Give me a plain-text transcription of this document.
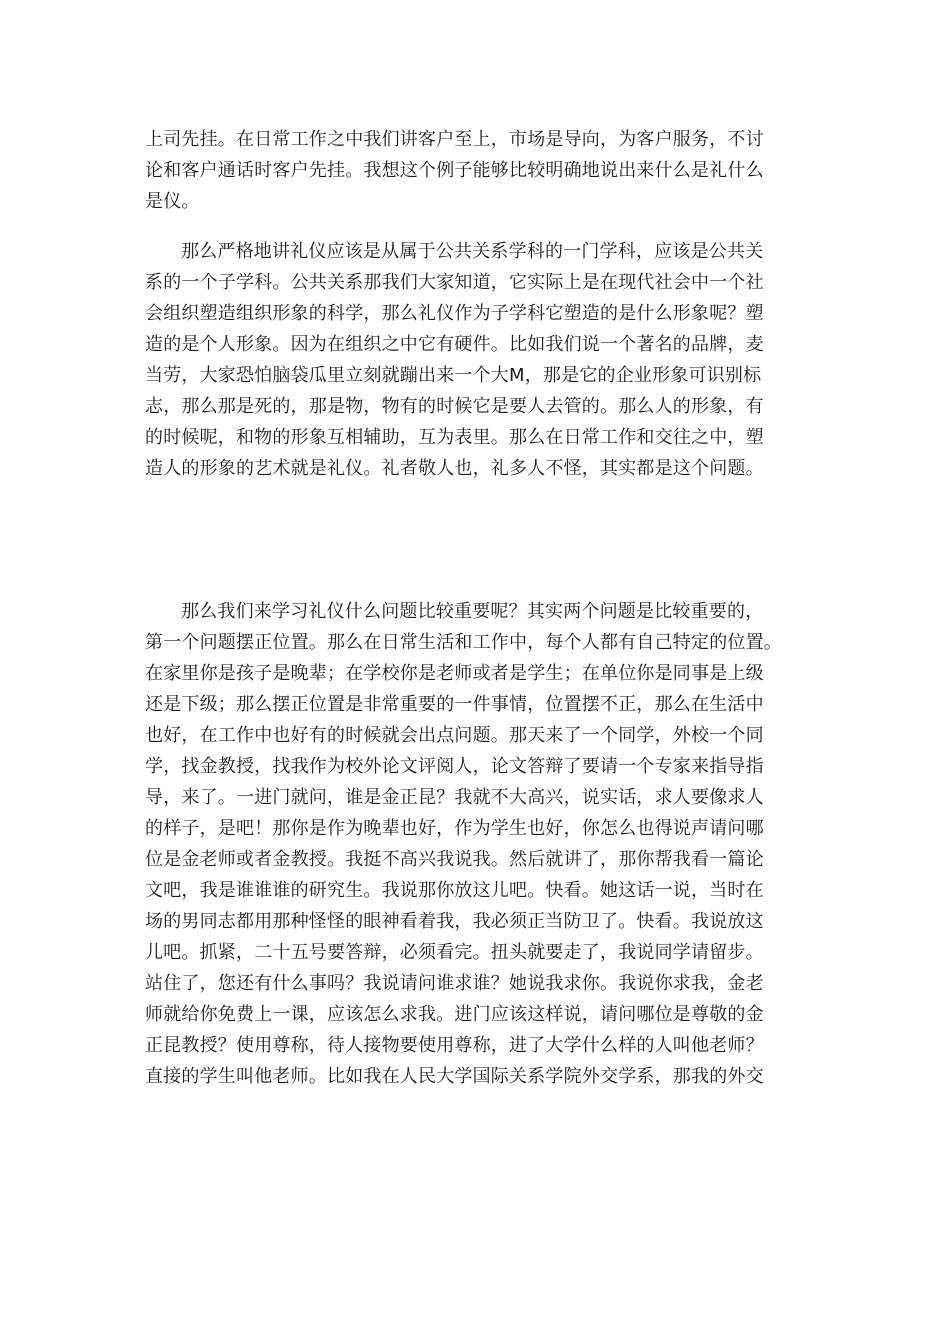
上司先挂。在日常工作之中我们讲客户至上，市场是导向，为客户服务，不讨
论和客户通话时客户先挂。我想这个例子能够比较明确地说出来什么是礼什么
是仪。
那么严格地讲礼仪应该是从属于公共关系学科的一门学科，应该是公共关
系的一个子学科。公共关系那我们大家知道，它实际上是在现代社会中一个社
会组织塑造组织形象的科学，那么礼仪作为子学科它塑造的是什么形象呢？塑
造的是个人形象。因为在组织之中它有硬件。比如我们说一个著名的品牌，麦
当劳，大家恐怕脑袋瓜里立刻就蹦出来一个大M，那是它的企业形象可识别标
志，那么那是死的，那是物，物有的时候它是要人去管的。那么人的形象，有
的时候呢，和物的形象互相辅助，互为表里。那么在日常工作和交往之中，塑
造人的形象的艺术就是礼仪。礼者敬人也，礼多人不怪，其实都是这个问题。
那么我们来学习礼仪什么问题比较重要呢？其实两个问题是比较重要的，
第一个问题摆正位置。那么在日常生活和工作中，每个人都有自己特定的位置。
在家里你是孩子是晚辈；在学校你是老师或者是学生；在单位你是同事是上级
还是下级；那么摆正位置是非常重要的一件事情，位置摆不正，那么在生活中
也好，在工作中也好有的时候就会出点问题。那天来了一个同学，外校一个同
学，找金教授，找我作为校外论文评阅人，论文答辩了要请一个专家来指导指
导，来了。一进门就问，谁是金正昆？我就不大高兴，说实话，求人要像求人
的样子，是吧！那你是作为晚辈也好，作为学生也好，你怎么也得说声请问哪
位是金老师或者金教授。我挺不高兴我说我。然后就讲了，那你帮我看一篇论
文吧，我是谁谁谁的研究生。我说那你放这儿吧。快看。她这话一说，当时在
场的男同志都用那种怪怪的眼神看着我，我必须正当防卫了。快看。我说放这
儿吧。抓紧，二十五号要答辩，必须看完。扭头就要走了，我说同学请留步。
站住了，您还有什么事吗？我说请问谁求谁？她说我求你。我说你求我，金老
师就给你免费上一课，应该怎么求我。进门应该这样说，请问哪位是尊敬的金
正昆教授？使用尊称，待人接物要使用尊称，进了大学什么样的人叫他老师？
直接的学生叫他老师。比如我在人民大学国际关系学院外交学系，那我的外交
